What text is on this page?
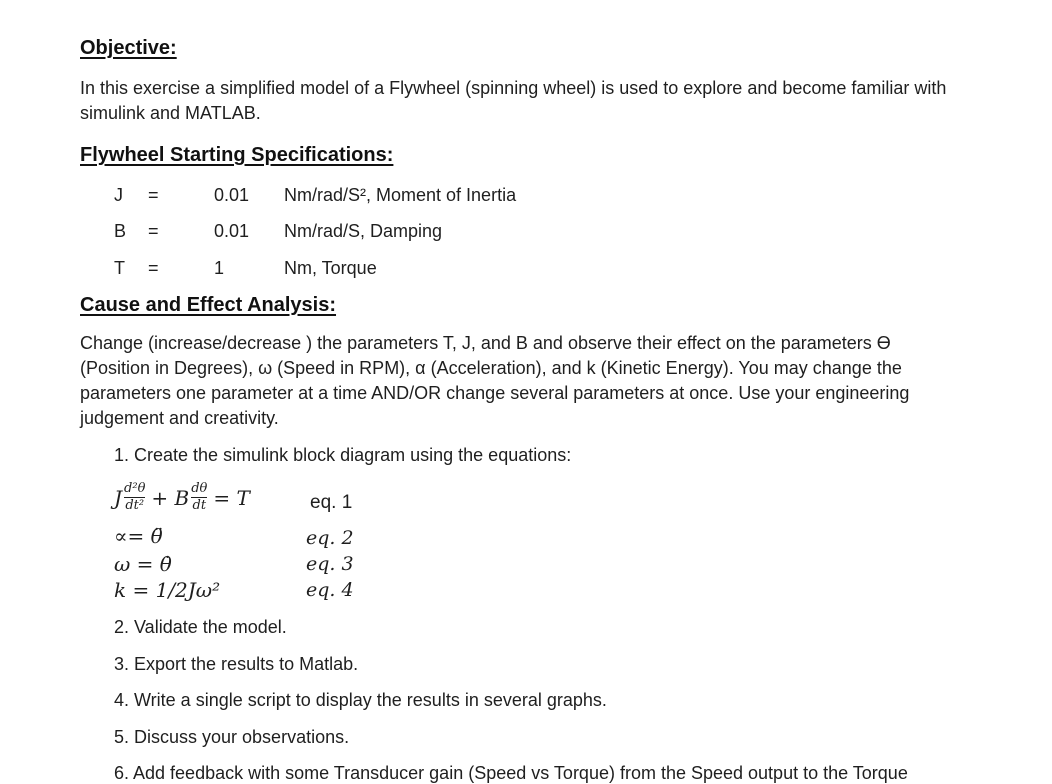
Objective:
In this exercise a simplified model of a Flywheel (spinning wheel) is used to explore and become familiar with simulink and MATLAB.
Flywheel Starting Specifications:
J =	0.01 Nm/rad/S², Moment of Inertia
B =	0.01 Nm/rad/S, Damping
T =	1	Nm, Torque
Cause and Effect Analysis:
Change (increase/decrease ) the parameters T, J, and B and observe their effect on the parameters ϴ (Position in Degrees), ω (Speed in RPM), α (Acceleration), and k (Kinetic Energy). You may change the parameters one parameter at a time AND/OR change several parameters at once. Use your engineering judgement and creativity.
1. Create the simulink block diagram using the equations:
J $\frac{\text{d²θ}}{\text{dt²}} + B \frac{d\theta}{dt} = T$	eq. 1
∝= θ̈	eq. 2
ω = θ̇	eq. 3
k = 1/2Jω²	eq. 4
2. Validate the model.
3. Export the results to Matlab.
4. Write a single script to display the results in several graphs.
5. Discuss your observations.
6. Add feedback with some Transducer gain (Speed vs Torque) from the Speed output to the Torque
